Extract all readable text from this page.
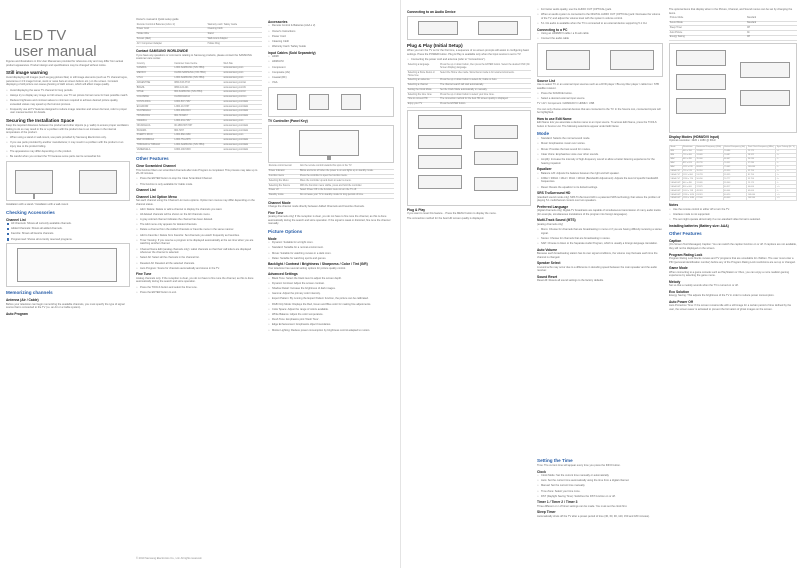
LED TV
user manual

Figures and illustrations in this User Manual are provided for reference only and may differ from actual product appearance. Product design and specifications may be changed without notice.

Still image warning

Avoid displaying still images (such as jpeg picture files) or still image elements (such as TV channel logos, panorama or 4:3 image format, stock or news bars at screen bottom etc.) on the screen. Constant displaying of still picture can cause ghosting of LED screen, which will affect image quality.

• Avoid displaying the same TV channel for long periods.

• Always try to display any image on full screen, use TV set picture format menu for best possible match.

• Reduce brightness and contrast values to minimum required to achieve desired picture quality, exceeded values may speed up the burnout process.

• Frequently use all TV features designed to reduce image retention and screen burnout, refer to proper user manual section for details.

Securing the Installation Space

Keep the required distances between the product and other objects (e.g. walls) to ensure proper ventilation. Failing to do so may result in fire or a problem with the product due to an increase in the internal temperature of the product.

• When using a stand or wall-mount, use parts provided by Samsung Electronics only.

• If you use parts provided by another manufacturer, it may result in a problem with the product or an injury due to the product falling.

• The appearance may differ depending on the product.

• Be careful when you contact the TV because some parts can be somewhat hot.

Installation with a stand / Installation with a wall-mount

Checking Accessories
Channel List

All Channels: Shows all currently available channels.

Added Channels: Shows all added channels.

Favorite: Shows all favorite channels.

Programmed: Shows all currently reserved programs.

Memorizing channels
Antenna (Air / Cable)

Before your television can begin memorizing the available channels, you must specify the type of signal source that is connected to the TV (i.e. an Air or a Cable system).

Auto Program

Owner's manual & Quick setup guide

Remote Control & Batteries (AAA x 2)	Warranty card / Safety Guide
Power Cord	Cleaning Cloth
Holder-Wire	Stand
Screws (4EA)	Wall-mount Adapter
AV / Component Adapter	Holder-Ring
Contact SAMSUNG WORLDWIDE

If you have any questions or comments relating to Samsung products, please contact the SAMSUNG customer care center.

Country	Customer Care Centre	Web Site
CANADA	1-800-SAMSUNG (726-7864)	www.samsung.com
MEXICO	01-800-SAMSUNG (726-7864)	www.samsung.com
U.S.A	1-800-SAMSUNG (726-7864)	www.samsung.com
ARGENTINE	0800-333-3733	www.samsung.com/ar
BRAZIL	0800-124-421	www.samsung.com/br
CHILE	800-SAMSUNG (726-7864)	www.samsung.com/cl
COLOMBIA	01-8000112112	www.samsung.com/co
COSTA RICA	0-800-507-7267	www.samsung.com/latin
ECUADOR	1-800-10-7267	www.samsung.com/latin
GUATEMALA	1-800-299-0013	www.samsung.com/latin
HONDURAS	800-7919267	www.samsung.com/latin
JAMAICA	1-800-234-7267	www.samsung.com
NICARAGUA	00-1800-5077267	www.samsung.com/latin
PANAMA	800-7267	www.samsung.com/latin
PUERTO RICO	1-800-682-3180	www.samsung.com
REP. DOMINICA	1-800-751-2676	www.samsung.com/latin
TRINIDAD & TOBAGO	1-800-SAMSUNG (726-7864)	www.samsung.com/latin
VENEZUELA	0-800-100-5303	www.samsung.com/latin
Other Features
Clear Scrambled Channel

This function filters out scrambled channels after Auto Program is completed. This process may take up to 20~30 minutes.

• Press the ENTER button to stop the Clear Scrambled Channel.

• This function is only available for Cable mode.

Channel List
Channel List Option Menu

Set each channel using the Channel List menu options. Option item menus may differ depending on the channel status.

• Add / Delete: Delete or add a channel to display the channels you want.

• All deleted channels will be shown on the All Channels menu.

• A gray-colored channel indicates the channel has been deleted.

• The Add menu only appears for deleted channels.

• Delete a channel from the Added Channels or Favorite menu in the same manner.

• Add to Favorite / Delete from Favorite: Set channels you watch frequently as Favorites.

• Timer Viewing: If you reserve a program to be displayed automatically at the set time when you are watching another channel.

• Channel Name Edit (analog channels only): Label channels so that their call letters are displayed whenever the channel is selected.

• Select All: Select all the channels in the channel list.

• Deselect All: Deselect all the selected channels.

• Auto Program: Scans for channels automatically and stores in the TV.

Fine Tune

Analog channels only. If the reception is clear, you do not have to fine tune the channel, as this is done automatically during the search and store operation.

• Press the TOOLS button and select the Fine tune.

• Press the ENTER button to exit.

© 2010 Samsung Electronics Co., Ltd. All rights reserved.
Accessories

• Remote Control & Batteries (AAA x 2)

• Owner's Instructions

• Power Cord

• Cleaning Cloth

• Warranty Card / Safety Guide

Input Cables (Sold Separately)

• HDMI

• HDMI-DVI

• Component

• Composite (AV)

• Coaxial (RF)

• VGA

TV Controller (Panel Key)
Remote control sensor	Aim the remote control towards this spot on the TV.
Power Indicator	Blinks and turns off when the power is on and lights up in standby mode.
Function menu	Press the controller to open the function menu.
Selecting the Menu	Move the controller up and down to select a menu.
Selecting the Source	With the Function menu visible, press and hold the controller.
Power off	Select Power Off in the function menu to turn the TV off.
Standby mode	Do not leave your TV in standby mode for long periods of time.
Channel Mode

Change the channel mode directly between Added Channels and Favorite channels.

Fine Tune

(analog channels only) If the reception is clear, you do not have to fine tune the channel, as this is done automatically during the search and store operation. If the signal is weak or distorted, fine tune the channel manually.

Picture Options
Mode

• Dynamic: Suitable for a bright room.

• Standard: Suitable for a normal environment.

• Movie: Suitable for watching movies in a dark room.

• Relax: Suitable for watching sports and games.

Backlight / Contrast / Brightness / Sharpness / Color / Tint (G/R)

Your television has several setting options for picture quality control.

Advanced Settings

• Black Tone: Select the black level to adjust the screen depth.

• Dynamic Contrast: Adjust the screen contrast.

• Shadow Detail: Increase the brightness of dark images.

• Gamma: Adjust the primary color intensity.

• Expert Pattern: By running the Expert Pattern function, the picture can be calibrated.

• RGB Only Mode: Displays the Red, Green and Blue color for making fine adjustments.

• Color Space: Adjust the range of colors available.

• White Balance: Adjust the color temperature.

• Flesh Tone: Emphasize pink 'Flesh Tone'.

• Edge Enhancement: Emphasize object boundaries.

• Motion Lighting: Reduce power consumption by brightness control adapted to motion.

Connecting to an Audio Device
Plug & Play (Initial Setup)

When you turn the TV on for the first time, a sequence of on-screen prompts will assist in configuring basic settings. Press the POWER button. Plug & Play is available only when the Input source is set to TV.

• Connecting the power cord and antenna (refer to "Connections").

Selecting a language	Press the up or down button, then press the ENTER button. Select the desired OSD (On Screen Display) language.
Selecting a Store Demo or Home Use	Select the Home Use mode. Store Demo mode is for retail environments.
Selecting an antenna	Press the up or down button to select Air, Cable or Auto.
Selecting a channel	The channel search will start automatically.
Setting the Clock Mode	Set the Clock Mode automatically or manually.
Selecting the time zone	Press the up or down button to select your time zone.
How to connect HD	The connection method for the best HD screen quality is displayed.
Enjoy your TV	Press the ENTER button.
Plug & Play

If you want to reset this feature... Press the MENU button to display the menu.

The connection method for the best HD screen quality is displayed.

• For better audio quality, use the AUDIO OUT (OPTICAL) jack.

• When an audio system is connected to the DIGITAL AUDIO OUT (OPTICAL) jack: Decrease the volume of the TV, and adjust the volume level with the system's volume control.

• 5.1 CH audio is available when the TV is connected to an external device supporting 5.1 CH.

Connecting to a PC

• Using an HDMI/DVI cable / a D-sub cable

• Connect the audio cable

Source List

Use to select TV or an external input sources such as a DVD player / Blu-ray Disc player / cable box / STB satellite receiver.

• Press the SOURCE button.

• Select a desired external input source.

TV / AV / Component / HDMI1/DVI / HDMI2 / USB

You can only choose external devices that are connected to the TV. In the Source List, connected inputs will be highlighted.

How to use Edit Name

Edit Name lets you associate a device name to an input source. To access Edit Name, press the TOOLS button in Source List. The following selections appear under Edit Name:

Mode

• Standard: Selects the normal sound mode.

• Music: Emphasizes music over voices.

• Movie: Provides the best sound for movies.

• Clear Voice: Emphasizes voice over other sounds.

• Amplify: Increase the intensity of high-frequency sound to allow a better listening experience for the hearing impaired.

Equalizer

• Balance L/R: Adjusts the balance between the right and left speaker.

• 100Hz / 300Hz / 1KHz / 3KHz / 10KHz (Bandwidth Adjustment): Adjusts the level of specific bandwidth frequencies.

• Reset: Resets the equalizer to its default settings.

SRS TruSurround HD

(standard sound mode only) SRS TruSurround HD is a patented SRS technology that solves the problem of playing 5.1 multichannel content over two speakers.

Preferred Language

(digital channels only) Digital-TV broadcasts are capable of simultaneous transmission of many audio tracks (for example, simultaneous translations of the program into foreign languages).

Multi-Track Sound (MTS)

(analog channels only)

• Mono: Choose for channels that are broadcasting in mono or if you are having difficulty receiving a stereo signal.

• Stereo: Choose for channels that are broadcasting in stereo.

• SAP: Choose to listen to the Separate Audio Program, which is usually a foreign-language translation.

Auto Volume

Because each broadcasting station has its own signal conditions, the volume may fluctuate each time the channel is changed.

Speaker Select

A sound echo may occur due to a difference in decoding speed between the main speaker and the audio receiver.

Sound Reset

Reset All: Resets all sound settings to the factory defaults.

The optional items that display when in the Picture, Channel, and Sound menus can be set by changing the items.

Picture Mode	Standard
Sound Mode	Standard
Sleep Timer	Off
Auto Picture	On
Energy Saving	Off
Display Modes (HDMI/DVI Input)

Optimal resolution: 1920 x 1080 @ 60Hz

Mode	Resolution	Horizontal Frequency (KHz)	Vertical Frequency (Hz)	Pixel Clock Frequency (MHz)	Sync Polarity (H / V)
IBM	640 x 350	31.469	70.086	25.175	+/-
IBM	720 x 400	31.469	70.087	28.322	-/+
MAC	640 x 480	35.000	66.667	30.240	-/-
MAC	832 x 624	49.726	74.551	57.284	-/-
MAC	1152 x 870	68.681	75.062	100.000	-/-
VESA CVT	720 x 576	35.910	59.950	32.750	-/+
VESA CVT	1152 x 864	53.783	59.959	81.750	-/+
VESA CVT	1280 x 720	56.456	74.777	95.750	-/+
VESA DMT	640 x 480	31.469	59.940	25.175	-/-
VESA DMT	800 x 600	37.879	60.317	40.000	+/+
VESA DMT	1024 x 768	48.363	60.004	65.000	-/-
VESA DMT	1280 x 1024	63.981	60.020	108.000	+/+
VESA DMT	1920 x 1080	67.500	60.000	148.500	+/+
Notes

• Use the remote control to either off to turn the TV.

• Interlace mode is not supported.

• The set might operate abnormally if a non-standard video format is selected.

Installing batteries (Battery size: AAA)
Other Features
Caption

(On-Screen Text Messages) Caption: You can switch the caption function on or off. If captions are not available, they will not be displayed on the screen.

Program Rating Lock

Program Rating Lock blocks movies and TV programs that are unsuitable for children. The user must enter a PIN (personal identification number) before any of the Program Rating Lock restrictions are set up or changed.

Game Mode

When connecting to a game console such as PlayStation or Xbox, you can enjoy a more realistic gaming experience by selecting the game menu.

Melody

Set so that a melody sounds when the TV is turned on or off.

Eco Solution

Energy Saving: This adjusts the brightness of the TV in order to reduce power consumption.

Auto Power Off

Auto Protection Time: If the screen remains idle with a still image for a certain period of time defined by the user, the screen saver is activated to prevent the formation of ghost images on the screen.

Setting the Time

Time: The current time will appear every time you press the INFO button.

Clock

• Clock Mode: Set the current time manually or automatically.

• Auto: Set the current time automatically using the time from a digital channel.

• Manual: Set the current time manually.

• Time Zone: Select your time zone.

• DST (Daylight Saving Time): Switches the DST function on or off.

Timer 1 / Timer 2 / Timer 3

Three different on / off timer settings can be made. You must set the clock first.

Sleep Timer

Automatically shuts off the TV after a preset period of time (30, 60, 90, 120, 150 and 180 minutes).
